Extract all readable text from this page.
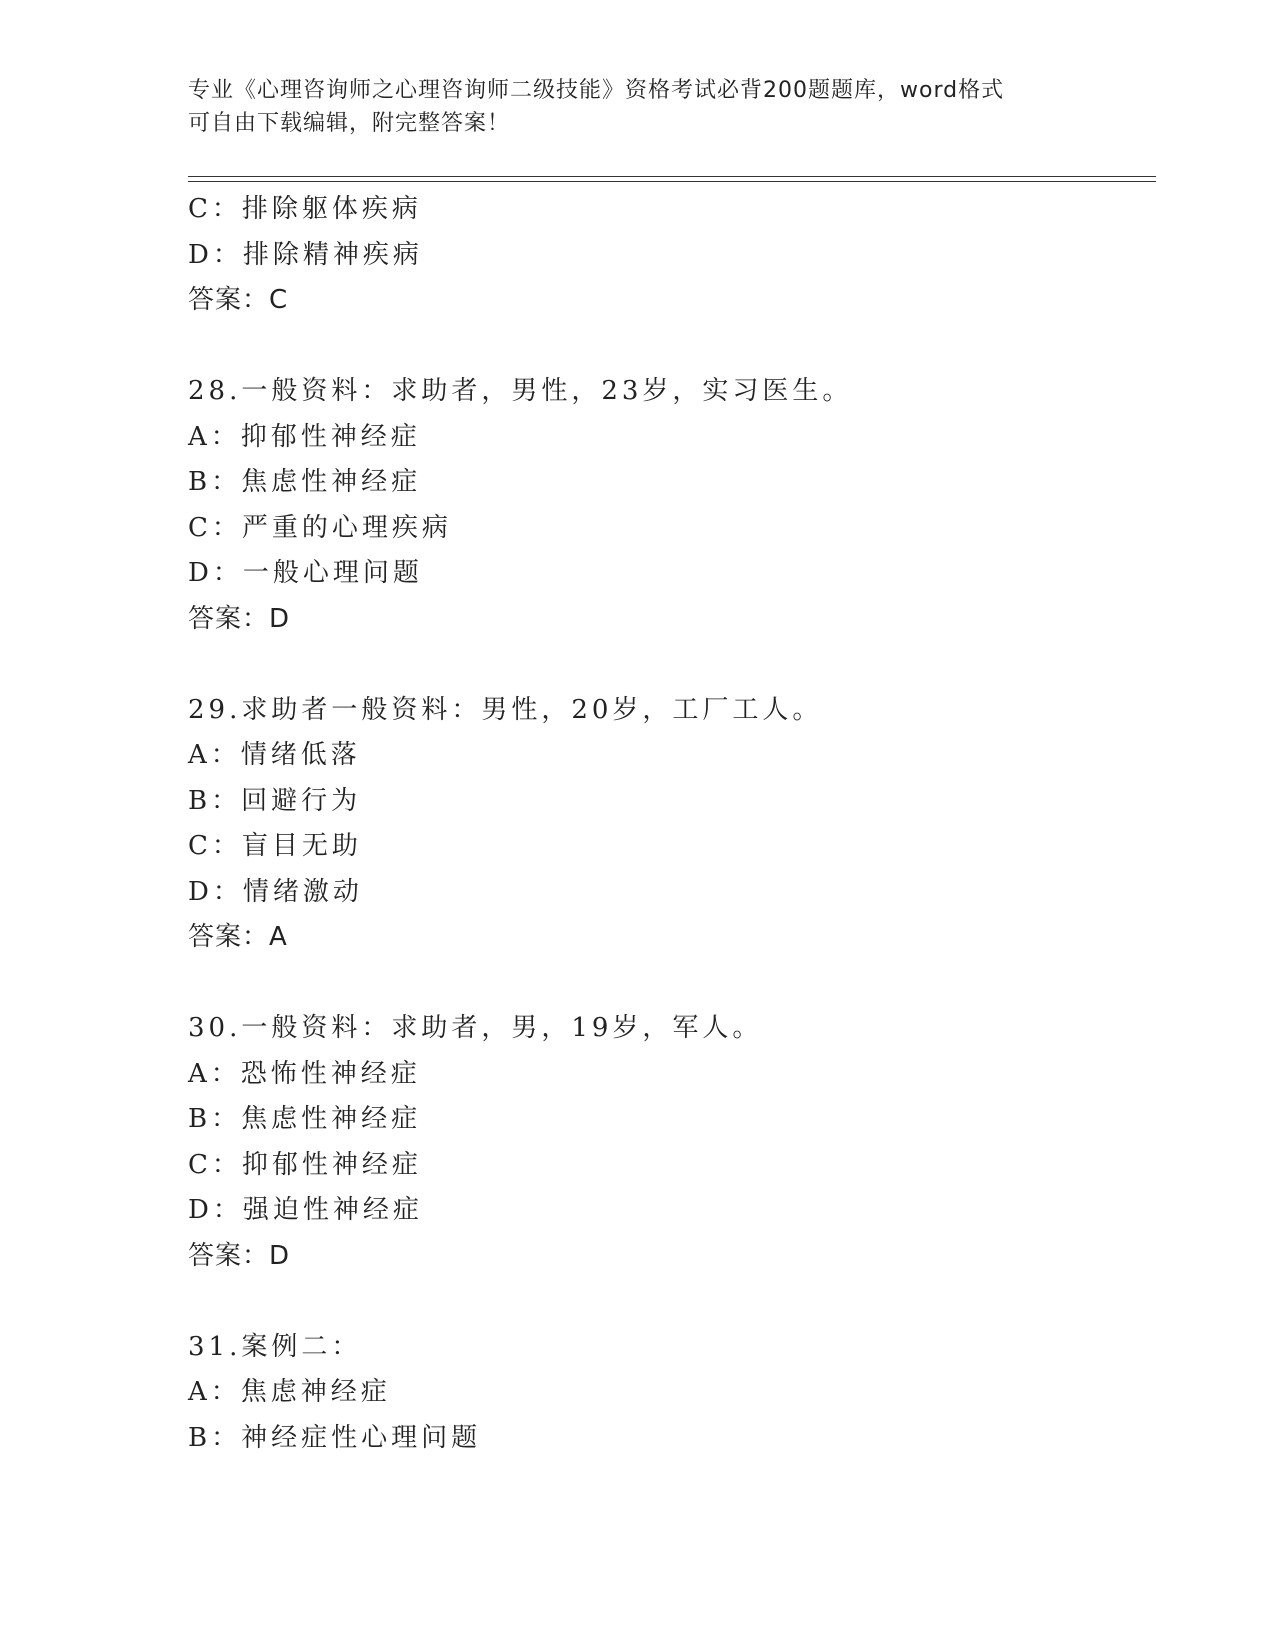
专业《心理咨询师之心理咨询师二级技能》资格考试必背200题题库，word格式
可自由下载编辑，附完整答案！
C：排除躯体疾病
D：排除精神疾病
答案：C
28.一般资料：求助者，男性，23岁，实习医生。
A：抑郁性神经症
B：焦虑性神经症
C：严重的心理疾病
D：一般心理问题
答案：D
29.求助者一般资料：男性，20岁，工厂工人。
A：情绪低落
B：回避行为
C：盲目无助
D：情绪激动
答案：A
30.一般资料：求助者，男，19岁，军人。
A：恐怖性神经症
B：焦虑性神经症
C：抑郁性神经症
D：强迫性神经症
答案：D
31.案例二：
A：焦虑神经症
B：神经症性心理问题
